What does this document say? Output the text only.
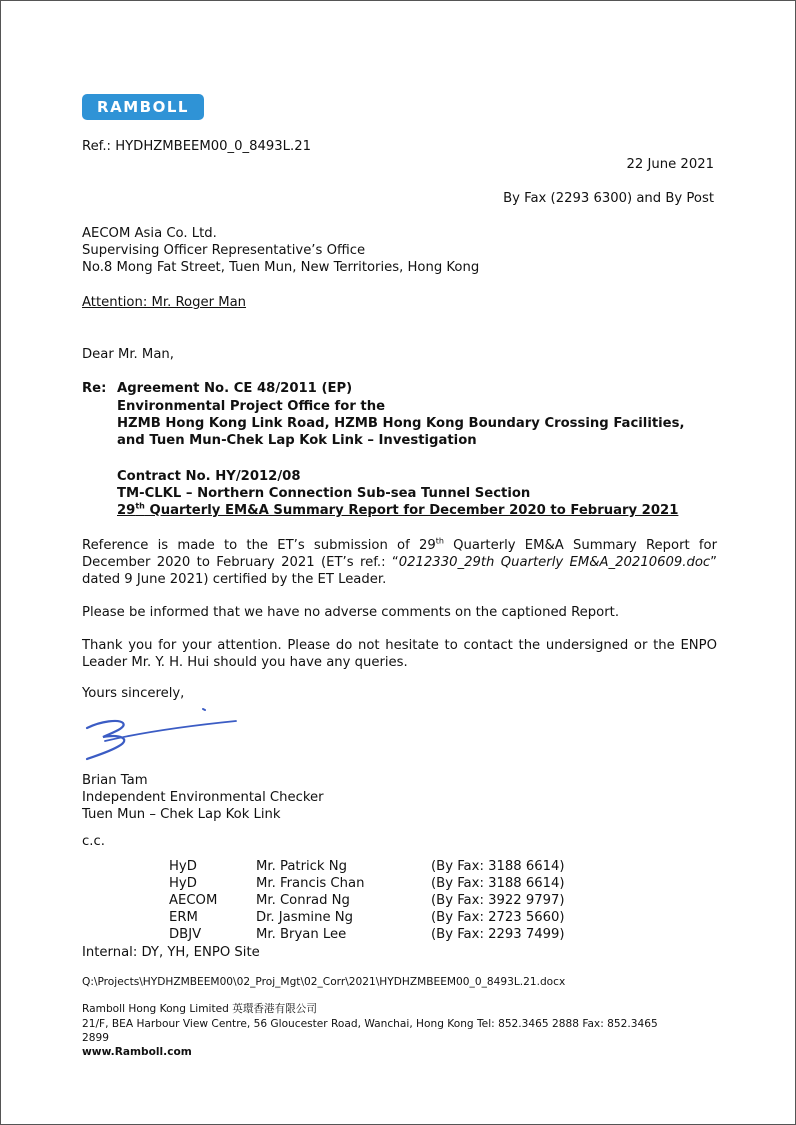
RAMBOLL
Ref.: HYDHZMBEEM00_0_8493L.21
22 June 2021
By Fax (2293 6300) and By Post
AECOM Asia Co. Ltd.
Supervising Officer Representative’s Office
No.8 Mong Fat Street, Tuen Mun, New Territories, Hong Kong
Attention: Mr. Roger Man
Dear Mr. Man,
Re: Agreement No. CE 48/2011 (EP)
Environmental Project Office for the
HZMB Hong Kong Link Road, HZMB Hong Kong Boundary Crossing Facilities,
and Tuen Mun-Chek Lap Kok Link – Investigation
Contract No. HY/2012/08
TM-CLKL – Northern Connection Sub-sea Tunnel Section
29th Quarterly EM&A Summary Report for December 2020 to February 2021
Reference is made to the ET’s submission of 29th Quarterly EM&A Summary Report for December 2020 to February 2021 (ET’s ref.: “0212330_29th Quarterly EM&A_20210609.doc” dated 9 June 2021) certified by the ET Leader.
Please be informed that we have no adverse comments on the captioned Report.
Thank you for your attention. Please do not hesitate to contact the undersigned or the ENPO Leader Mr. Y. H. Hui should you have any queries.
Yours sincerely,
Brian Tam
Independent Environmental Checker
Tuen Mun – Chek Lap Kok Link
c.c.
HyD	Mr. Patrick Ng	(By Fax: 3188 6614)
HyD	Mr. Francis Chan	(By Fax: 3188 6614)
AECOM	Mr. Conrad Ng	(By Fax: 3922 9797)
ERM	Dr. Jasmine Ng	(By Fax: 2723 5660)
DBJV	Mr. Bryan Lee	(By Fax: 2293 7499)
Internal: DY, YH, ENPO Site
Q:\Projects\HYDHZMBEEM00\02_Proj_Mgt\02_Corr\2021\HYDHZMBEEM00_0_8493L.21.docx
Ramboll Hong Kong Limited 英環香港有限公司
21/F, BEA Harbour View Centre, 56 Gloucester Road, Wanchai, Hong Kong Tel: 852.3465 2888 Fax: 852.3465
2899
www.Ramboll.com
